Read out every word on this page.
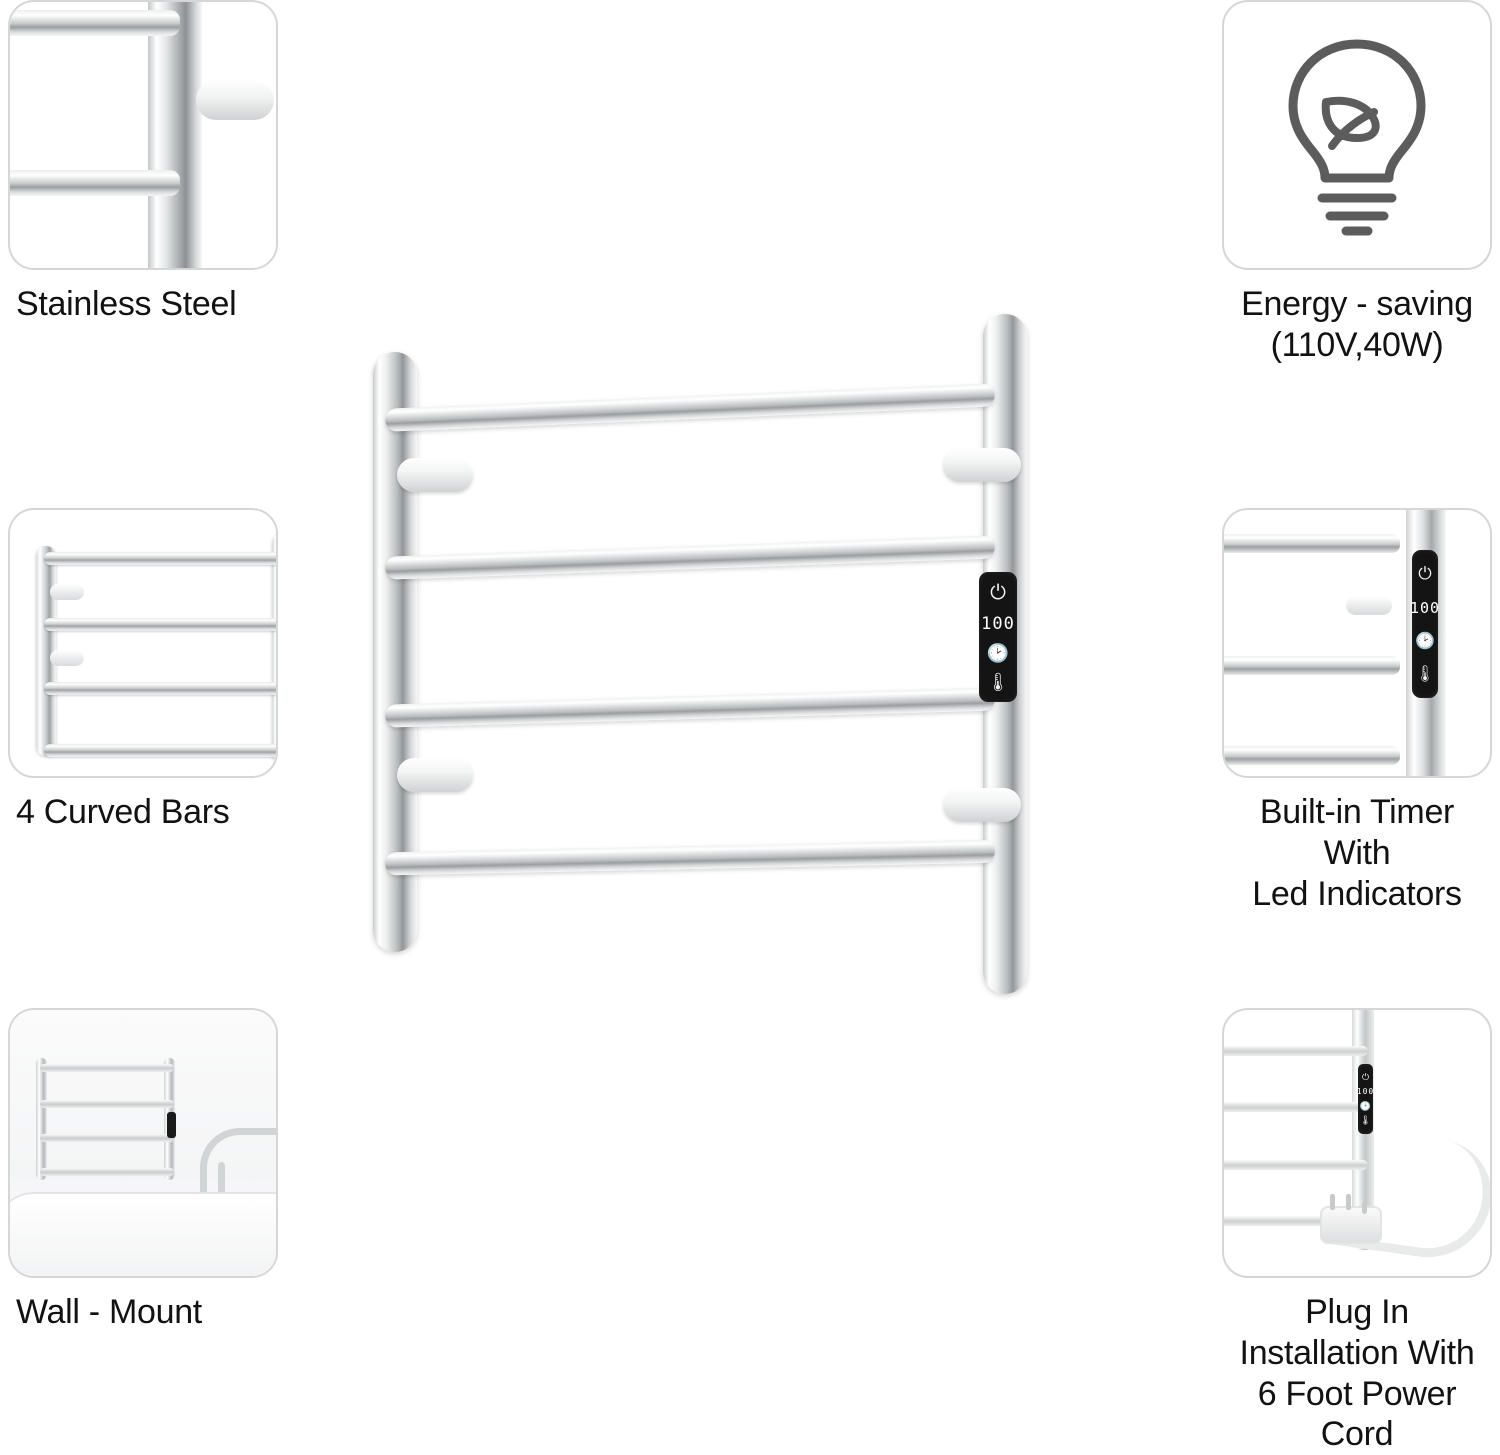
Stainless Steel
4 Curved Bars
Wall - Mount
Energy - saving
(110V,40W)
⏻
100
🕑
🌡
Built-in Timer With
Led Indicators
⏻
100
🕑
🌡
Plug In Installation With
6 Foot Power Cord
⏻
100
🕑
🌡
